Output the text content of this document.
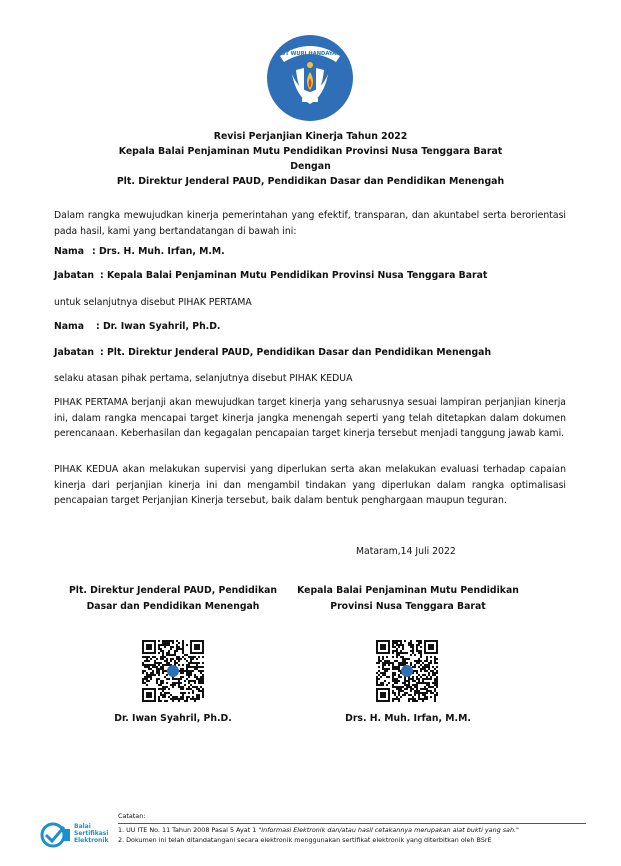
TUT WURI HANDAYANI
Revisi Perjanjian Kinerja Tahun 2022
Kepala Balai Penjaminan Mutu Pendidikan Provinsi Nusa Tenggara Barat
Dengan
Plt. Direktur Jenderal PAUD, Pendidikan Dasar dan Pendidikan Menengah
Dalam rangka mewujudkan kinerja pemerintahan yang efektif, transparan, dan akuntabel serta berorientasi pada hasil, kami yang bertandatangan di bawah ini:
Nama : Drs. H. Muh. Irfan, M.M.
Jabatan : Kepala Balai Penjaminan Mutu Pendidikan Provinsi Nusa Tenggara Barat
untuk selanjutnya disebut PIHAK PERTAMA
Nama : Dr. Iwan Syahril, Ph.D.
Jabatan : Plt. Direktur Jenderal PAUD, Pendidikan Dasar dan Pendidikan Menengah
selaku atasan pihak pertama, selanjutnya disebut PIHAK KEDUA
PIHAK PERTAMA berjanji akan mewujudkan target kinerja yang seharusnya sesuai lampiran perjanjian kinerja ini, dalam rangka mencapai target kinerja jangka menengah seperti yang telah ditetapkan dalam dokumen perencanaan. Keberhasilan dan kegagalan pencapaian target kinerja tersebut menjadi tanggung jawab kami.
PIHAK KEDUA akan melakukan supervisi yang diperlukan serta akan melakukan evaluasi terhadap capaian kinerja dari perjanjian kinerja ini dan mengambil tindakan yang diperlukan dalam rangka optimalisasi pencapaian target Perjanjian Kinerja tersebut, baik dalam bentuk penghargaan maupun teguran.
Mataram,14 Juli 2022
Plt. Direktur Jenderal PAUD, Pendidikan Dasar dan Pendidikan Menengah
Kepala Balai Penjaminan Mutu Pendidikan Provinsi Nusa Tenggara Barat
Dr. Iwan Syahril, Ph.D.	Drs. H. Muh. Irfan, M.M.
Balai
Sertifikasi
Elektronik
Catatan:
1. UU ITE No. 11 Tahun 2008 Pasal 5 Ayat 1 "Informasi Elektronik dan/atau hasil cetakannya merupakan alat bukti yang sah."
2. Dokumen ini telah ditandatangani secara elektronik menggunakan sertifikat elektronik yang diterbitkan oleh BSrE
